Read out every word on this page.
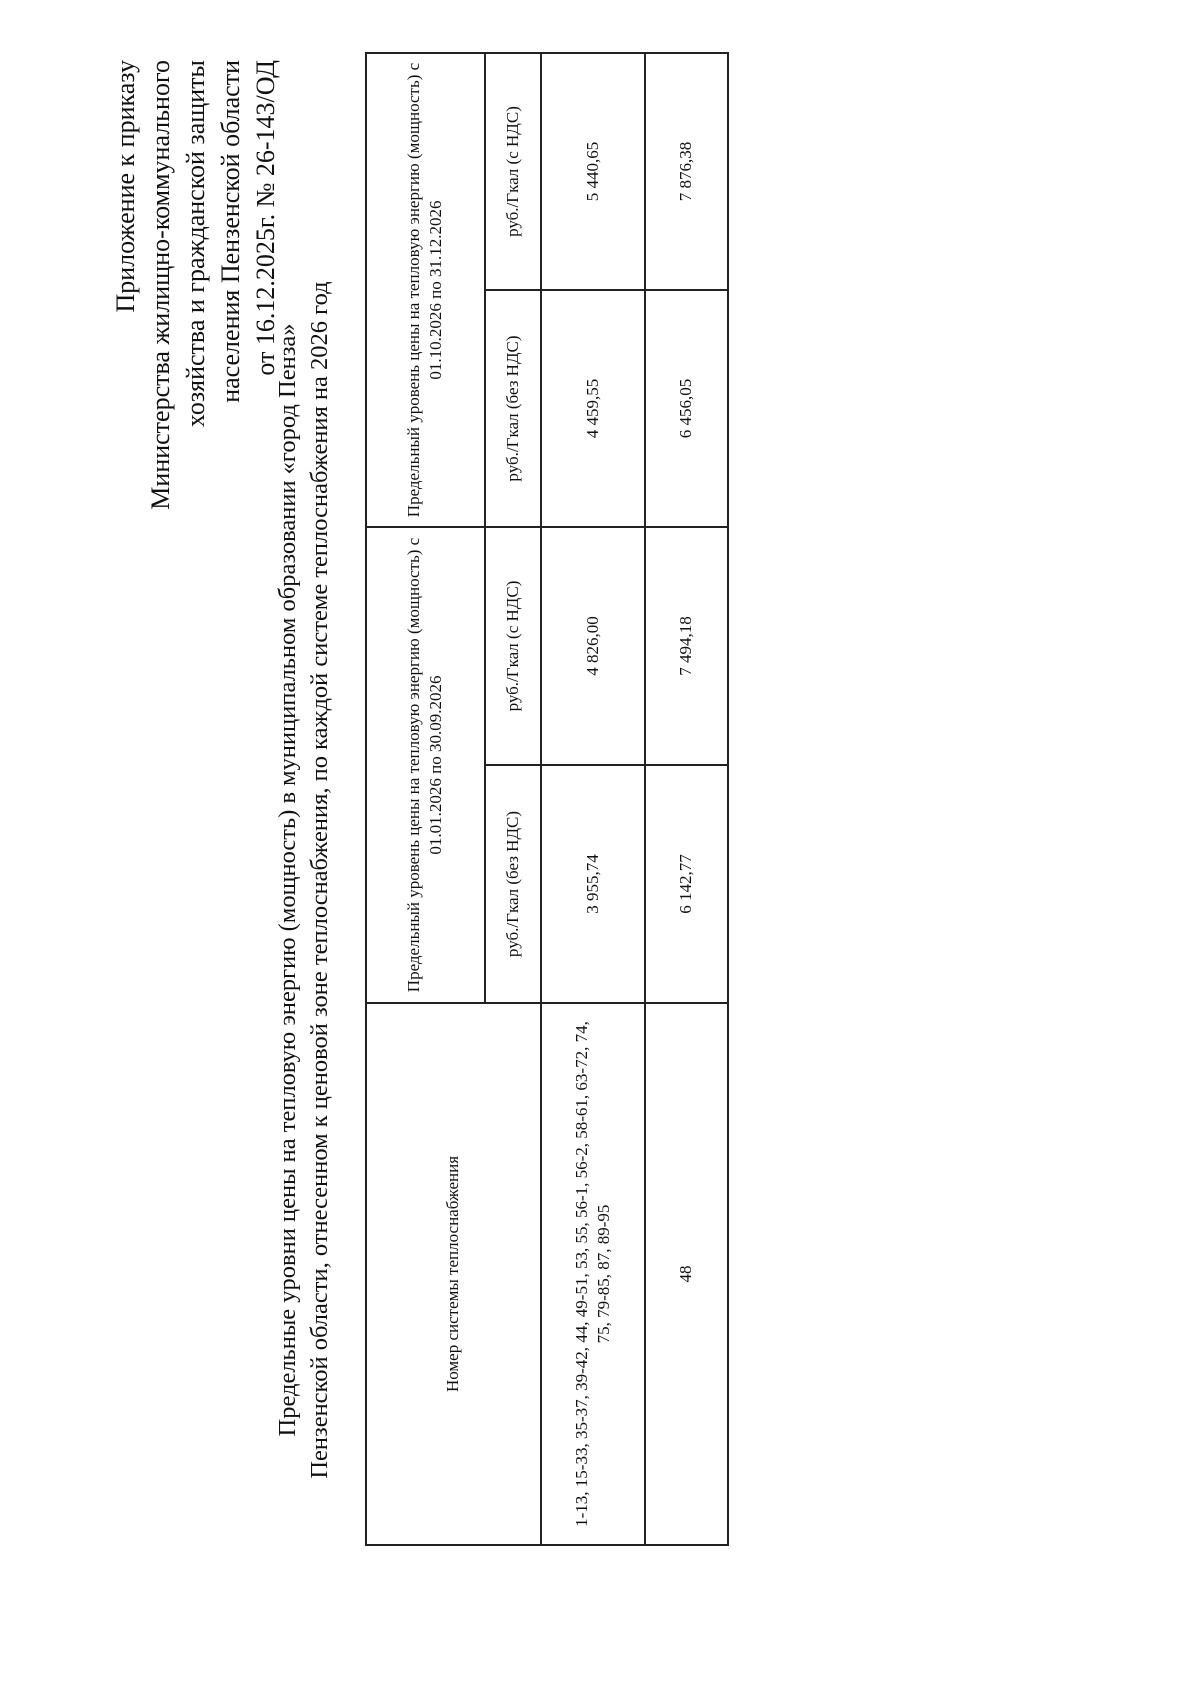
Приложение к приказу Министерства жилищно-коммунального хозяйства и гражданской защиты населения Пензенской области от 16.12.2025г. № 26-143/ОД
Предельные уровни цены на тепловую энергию (мощность) в муниципальном образовании «город Пенза» Пензенской области, отнесенном к ценовой зоне теплоснабжения, по каждой системе теплоснабжения на 2026 год	Номер системы теплоснабжения	Предельный уровень цены на тепловую энергию (мощность) с 01.01.2026 по 30.09.2026		Предельный уровень цены на тепловую энергию (мощность) с 01.10.2026 по 31.12.2026	
	руб./Гкал (без НДС)	руб./Гкал (с НДС)	руб./Гкал (без НДС)	руб./Гкал (с НДС)
1-13, 15-33, 35-37, 39-42, 44, 49-51, 53, 55, 56-1, 56-2, 58-61, 63-72, 74, 75, 79-85, 87, 89-95	3 955,74	4 826,00	4 459,55	5 440,65
48	6 142,77	7 494,18	6 456,05	7 876,38
